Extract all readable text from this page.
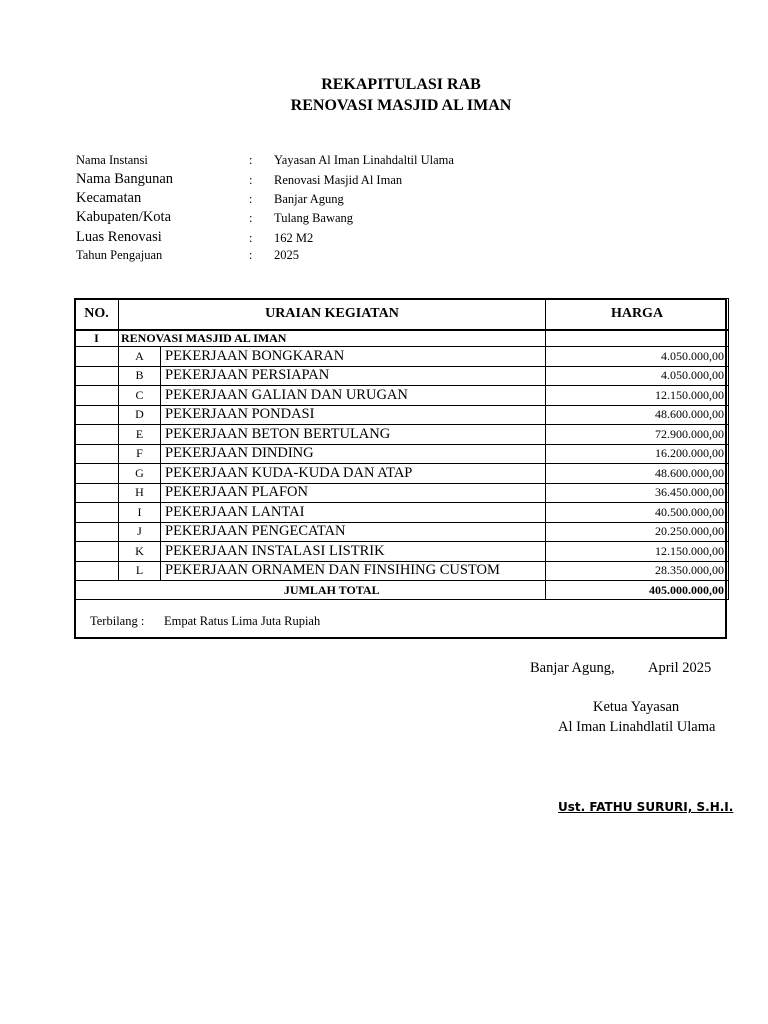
REKAPITULASI RAB
RENOVASI MASJID AL IMAN
Nama Instansi	: Yayasan Al Iman Linahdaltil Ulama
Nama Bangunan	: Renovasi Masjid Al Iman
Kecamatan	: Banjar Agung
Kabupaten/Kota	: Tulang Bawang
Luas Renovasi	: 162 M2
Tahun Pengajuan	: 2025
NO.	URAIAN KEGIATAN		HARGA
I	RENOVASI MASJID AL IMAN		
	A	PEKERJAAN BONGKARAN	4.050.000,00
	B	PEKERJAAN PERSIAPAN	4.050.000,00
	C	PEKERJAAN GALIAN DAN URUGAN	12.150.000,00
	D	PEKERJAAN PONDASI	48.600.000,00
	E	PEKERJAAN BETON BERTULANG	72.900.000,00
	F	PEKERJAAN DINDING	16.200.000,00
	G	PEKERJAAN KUDA-KUDA DAN ATAP	48.600.000,00
	H	PEKERJAAN PLAFON	36.450.000,00
	I	PEKERJAAN LANTAI	40.500.000,00
	J	PEKERJAAN PENGECATAN	20.250.000,00
	K	PEKERJAAN INSTALASI LISTRIK	12.150.000,00
	L	PEKERJAAN ORNAMEN DAN FINSIHING CUSTOM	28.350.000,00
	JUMLAH TOTAL		405.000.000,00
Terbilang : Empat Ratus Lima Juta Rupiah
Banjar Agung, April 2025
Ketua Yayasan
Al Iman Linahdlatil Ulama
Ust. FATHU SURURI, S.H.I.
